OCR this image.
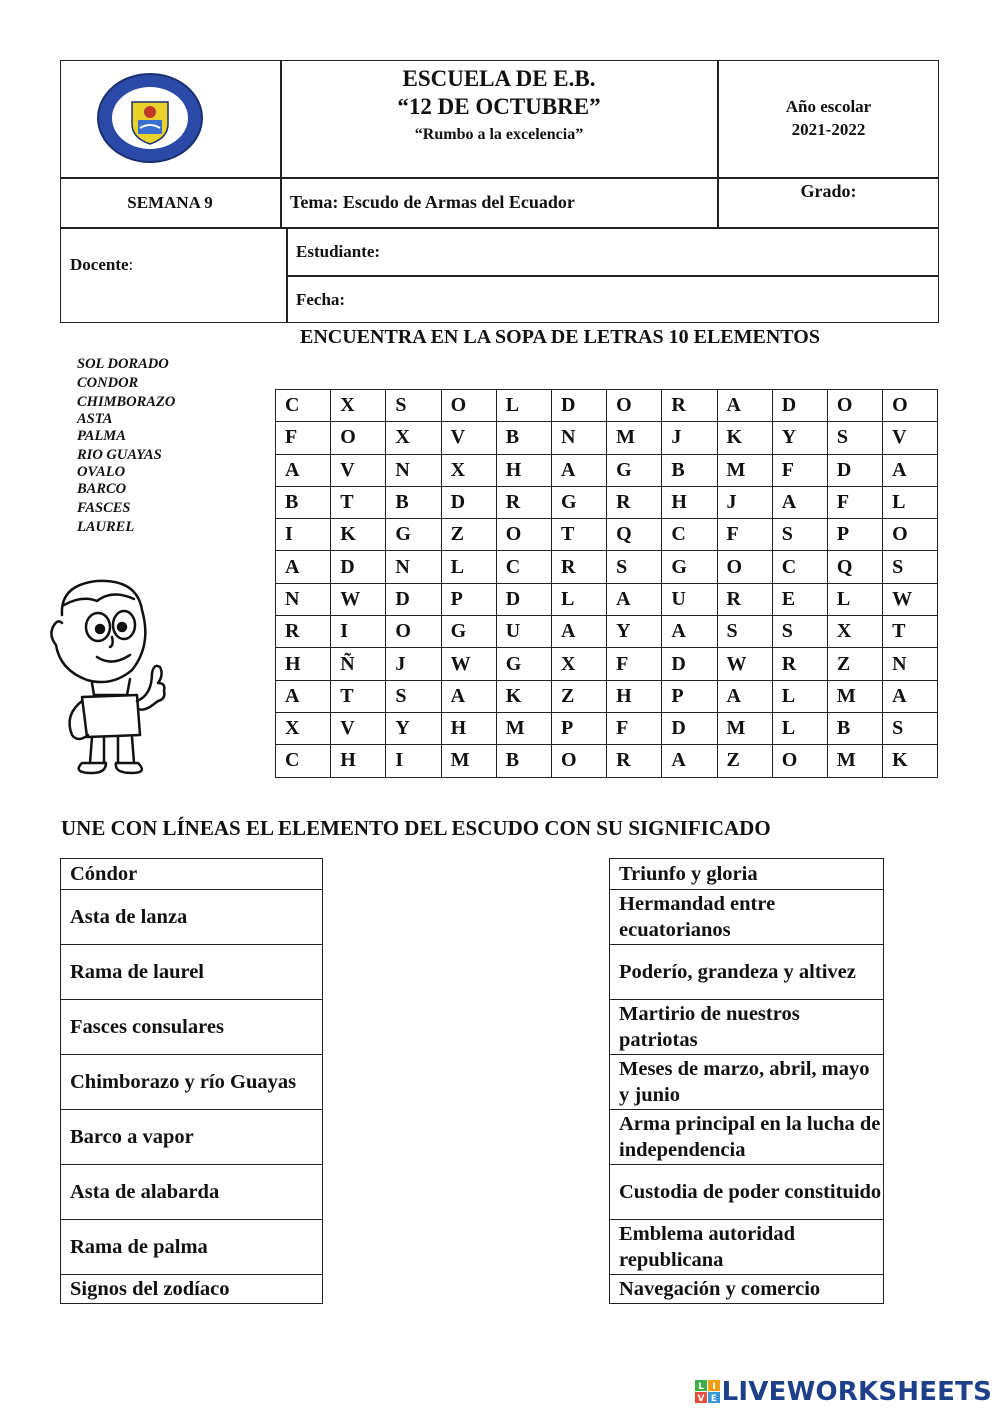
ESCUELA DE E.B.
“12 DE OCTUBRE”
“Rumbo a la excelencia”
Año escolar
2021-2022
SEMANA 9	Tema: Escudo de Armas del Ecuador
Grado:
Docente :
Estudiante:
Fecha:
ENCUENTRA EN LA SOPA DE LETRAS 10 ELEMENTOS
SOL DORADO
CONDOR
CHIMBORAZO
ASTA
PALMA
RIO GUAYAS
OVALO
BARCO
FASCES
LAUREL
C	X	S	O	L	D	O	R	A	D	O	O
F	O	X	V	B	N	M	J	K	Y	S	V
A	V	N	X	H	A	G	B	M	F	D	A
B	T	B	D	R	G	R	H	J	A	F	L
I	K	G	Z	O	T	Q	C	F	S	P	O
A	D	N	L	C	R	S	G	O	C	Q	S
N	W	D	P	D	L	A	U	R	E	L	W
R	I	O	G	U	A	Y	A	S	S	X	T
H	Ñ	J	W	G	X	F	D	W	R	Z	N
A	T	S	A	K	Z	H	P	A	L	M	A
X	V	Y	H	M	P	F	D	M	L	B	S
C	H	I	M	B	O	R	A	Z	O	M	K
UNE CON LÍNEAS EL ELEMENTO DEL ESCUDO CON SU SIGNIFICADO
Cóndor
Asta de lanza
Rama de laurel
Fasces consulares
Chimborazo y río Guayas
Barco a vapor
Asta de alabarda
Rama de palma
Signos del zodíaco
Triunfo y gloria
Hermandad entre ecuatorianos
Poderío, grandeza y altivez
Martirio de nuestros patriotas
Meses de marzo, abril, mayo y junio
Arma principal en la lucha de independencia
Custodia de poder constituido
Emblema autoridad republicana
Navegación y comercio
L I
V E LIVEWORKSHEETS
